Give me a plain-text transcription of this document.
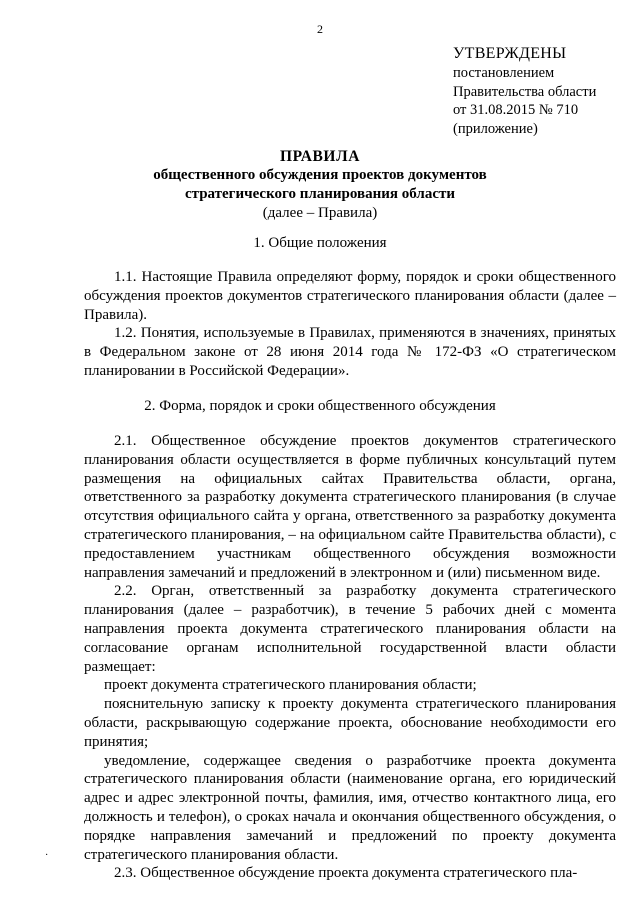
2
УТВЕРЖДЕНЫ
постановлением
Правительства области
от 31.08.2015 № 710
(приложение)
ПРАВИЛА
общественного обсуждения проектов документов
стратегического планирования области
(далее – Правила)
1. Общие положения

1.1. Настоящие Правила определяют форму, порядок и сроки общественного обсуждения проектов документов стратегического планирования области (далее – Правила).

1.2. Понятия, используемые в Правилах, применяются в значениях, принятых в Федеральном законе от 28 июня 2014 года № 172-ФЗ «О стратегическом планировании в Российской Федерации».

2. Форма, порядок и сроки общественного обсуждения

2.1. Общественное обсуждение проектов документов стратегического планирования области осуществляется в форме публичных консультаций путем размещения на официальных сайтах Правительства области, органа, ответственного за разработку документа стратегического планирования (в случае отсутствия официального сайта у органа, ответственного за разработку документа стратегического планирования, – на официальном сайте Правительства области), с предоставлением участникам общественного обсуждения возможности направления замечаний и предложений в электронном и (или) письменном виде.

2.2. Орган, ответственный за разработку документа стратегического планирования (далее – разработчик), в течение 5 рабочих дней с момента направления проекта документа стратегического планирования области на согласование органам исполнительной государственной власти области размещает:

проект документа стратегического планирования области;

пояснительную записку к проекту документа стратегического планирования области, раскрывающую содержание проекта, обоснование необходимости его принятия;

уведомление, содержащее сведения о разработчике проекта документа стратегического планирования области (наименование органа, его юридический адрес и адрес электронной почты, фамилия, имя, отчество контактного лица, его должность и телефон), о сроках начала и окончания общественного обсуждения, о порядке направления замечаний и предложений по проекту документа стратегического планирования области.

2.3. Общественное обсуждение проекта документа стратегического пла-

·
